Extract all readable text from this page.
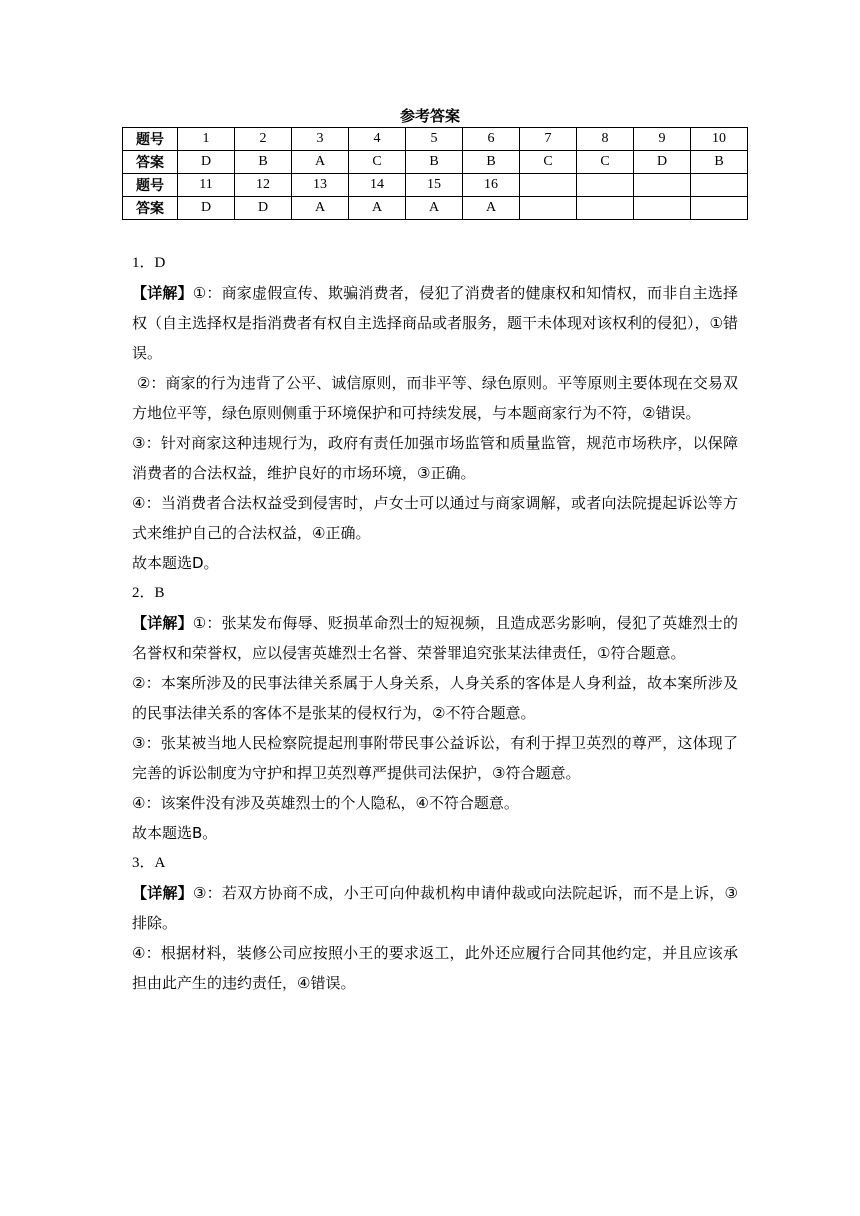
参考答案
题号	1	2	3	4	5	6	7	8	9	10
答案	D	B	A	C	B	B	C	C	D	B
题号	11	12	13	14	15	16				
答案	D	D	A	A	A	A				

1．D

【详解】①：商家虚假宣传、欺骗消费者，侵犯了消费者的健康权和知情权，而非自主选择权（自主选择权是指消费者有权自主选择商品或者服务，题干未体现对该权利的侵犯），①错误。

②：商家的行为违背了公平、诚信原则，而非平等、绿色原则。平等原则主要体现在交易双方地位平等，绿色原则侧重于环境保护和可持续发展，与本题商家行为不符，②错误。

③：针对商家这种违规行为，政府有责任加强市场监管和质量监管，规范市场秩序，以保障消费者的合法权益，维护良好的市场环境，③正确。

④：当消费者合法权益受到侵害时，卢女士可以通过与商家调解，或者向法院提起诉讼等方式来维护自己的合法权益，④正确。

故本题选D。

2．B

【详解】①：张某发布侮辱、贬损革命烈士的短视频，且造成恶劣影响，侵犯了英雄烈士的名誉权和荣誉权，应以侵害英雄烈士名誉、荣誉罪追究张某法律责任，①符合题意。

②：本案所涉及的民事法律关系属于人身关系，人身关系的客体是人身利益，故本案所涉及的民事法律关系的客体不是张某的侵权行为，②不符合题意。

③：张某被当地人民检察院提起刑事附带民事公益诉讼，有利于捍卫英烈的尊严，这体现了完善的诉讼制度为守护和捍卫英烈尊严提供司法保护，③符合题意。

④：该案件没有涉及英雄烈士的个人隐私，④不符合题意。

故本题选B。

3．A

【详解】③：若双方协商不成，小王可向仲裁机构申请仲裁或向法院起诉，而不是上诉，③排除。

④：根据材料，装修公司应按照小王的要求返工，此外还应履行合同其他约定，并且应该承担由此产生的违约责任，④错误。
